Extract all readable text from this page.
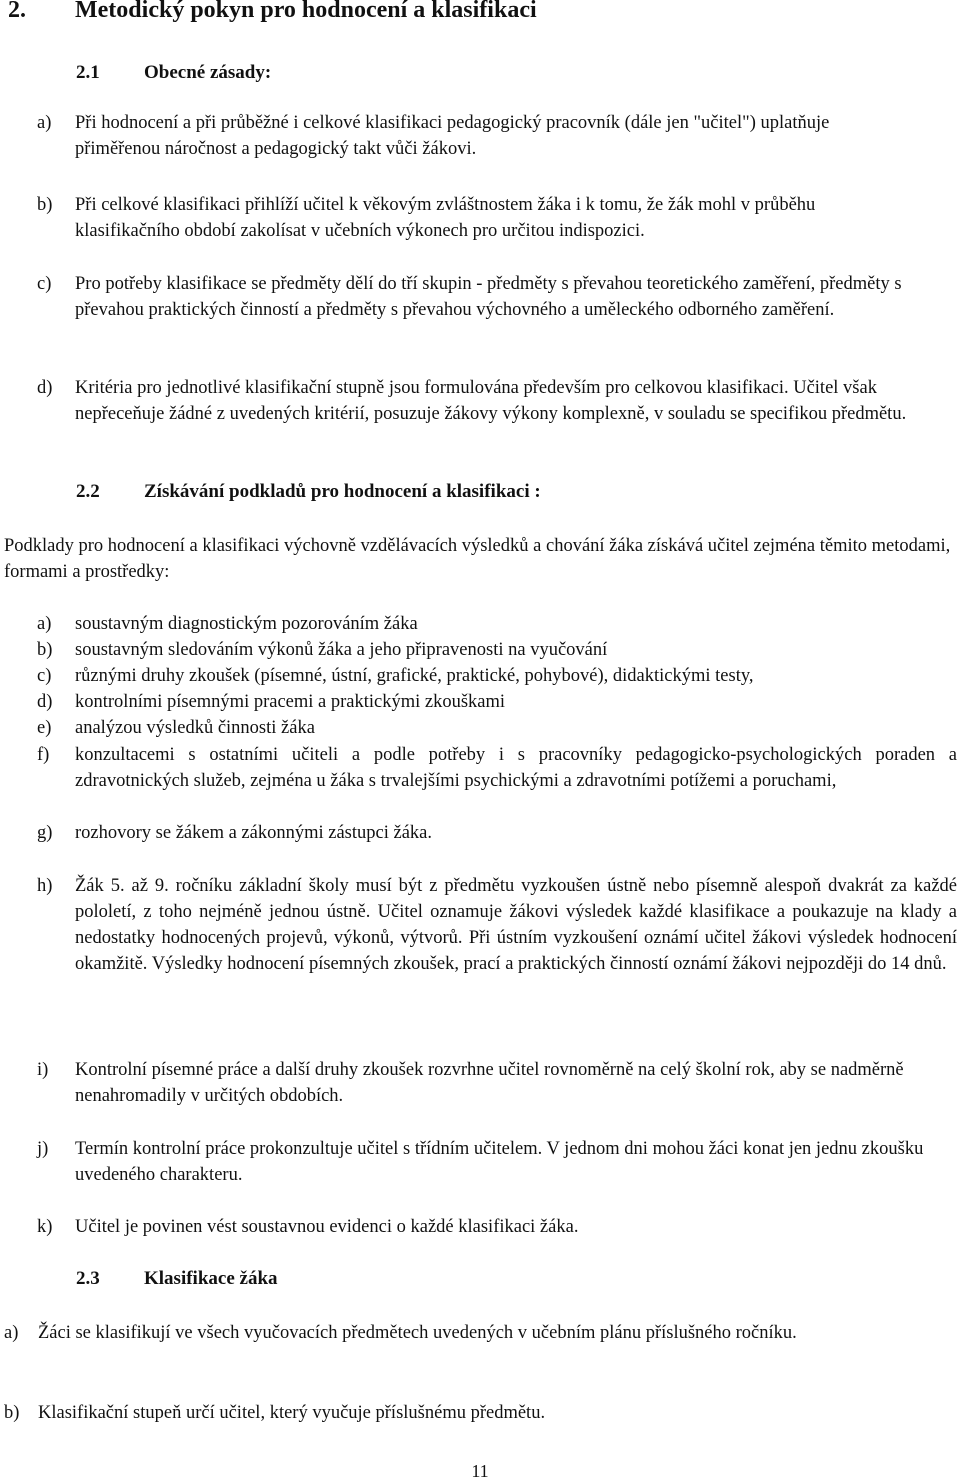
2. Metodický pokyn pro hodnocení a klasifikaci
2.1 Obecné zásady:
a) Při hodnocení a při průběžné i celkové klasifikaci pedagogický pracovník (dále jen "učitel") uplatňuje přiměřenou náročnost a pedagogický takt vůči žákovi.
b) Při celkové klasifikaci přihlíží učitel k věkovým zvláštnostem žáka i k tomu, že žák mohl v průběhu klasifikačního období zakolísat v učebních výkonech pro určitou indispozici.
c) Pro potřeby klasifikace se předměty dělí do tří skupin - předměty s převahou teoretického zaměření, předměty s převahou praktických činností a předměty s převahou výchovného a uměleckého odborného zaměření.
d) Kritéria pro jednotlivé klasifikační stupně jsou formulována především pro celkovou klasifikaci. Učitel však nepřeceňuje žádné z uvedených kritérií, posuzuje žákovy výkony komplexně, v souladu se specifikou předmětu.
2.2 Získávání podkladů pro hodnocení a klasifikaci :
Podklady pro hodnocení a klasifikaci výchovně vzdělávacích výsledků a chování žáka získává učitel zejména těmito metodami, formami a prostředky:
a) soustavným diagnostickým pozorováním žáka
b) soustavným sledováním výkonů žáka a jeho připravenosti na vyučování
c) různými druhy zkoušek (písemné, ústní, grafické, praktické, pohybové), didaktickými testy,
d) kontrolními písemnými pracemi a praktickými zkouškami
e) analýzou výsledků činnosti žáka
f) konzultacemi s ostatními učiteli a podle potřeby i s pracovníky pedagogicko-psychologických poraden a zdravotnických služeb, zejména u žáka s trvalejšími psychickými a zdravotními potížemi a poruchami,
g) rozhovory se žákem a zákonnými zástupci žáka.
h) Žák 5. až 9. ročníku základní školy musí být z předmětu vyzkoušen ústně nebo písemně alespoň dvakrát za každé pololetí, z toho nejméně jednou ústně. Učitel oznamuje žákovi výsledek každé klasifikace a poukazuje na klady a nedostatky hodnocených projevů, výkonů, výtvorů. Při ústním vyzkoušení oznámí učitel žákovi výsledek hodnocení okamžitě. Výsledky hodnocení písemných zkoušek, prací a praktických činností oznámí žákovi nejpozději do 14 dnů.
i) Kontrolní písemné práce a další druhy zkoušek rozvrhne učitel rovnoměrně na celý školní rok, aby se nadměrně nenahromadily v určitých obdobích.
j) Termín kontrolní práce prokonzultuje učitel s třídním učitelem. V jednom dni mohou žáci konat jen jednu zkoušku uvedeného charakteru.
k) Učitel je povinen vést soustavnou evidenci o každé klasifikaci žáka.
2.3 Klasifikace žáka
a) Žáci se klasifikují ve všech vyučovacích předmětech uvedených v učebním plánu příslušného ročníku.
b) Klasifikační stupeň určí učitel, který vyučuje příslušnému předmětu.
11
